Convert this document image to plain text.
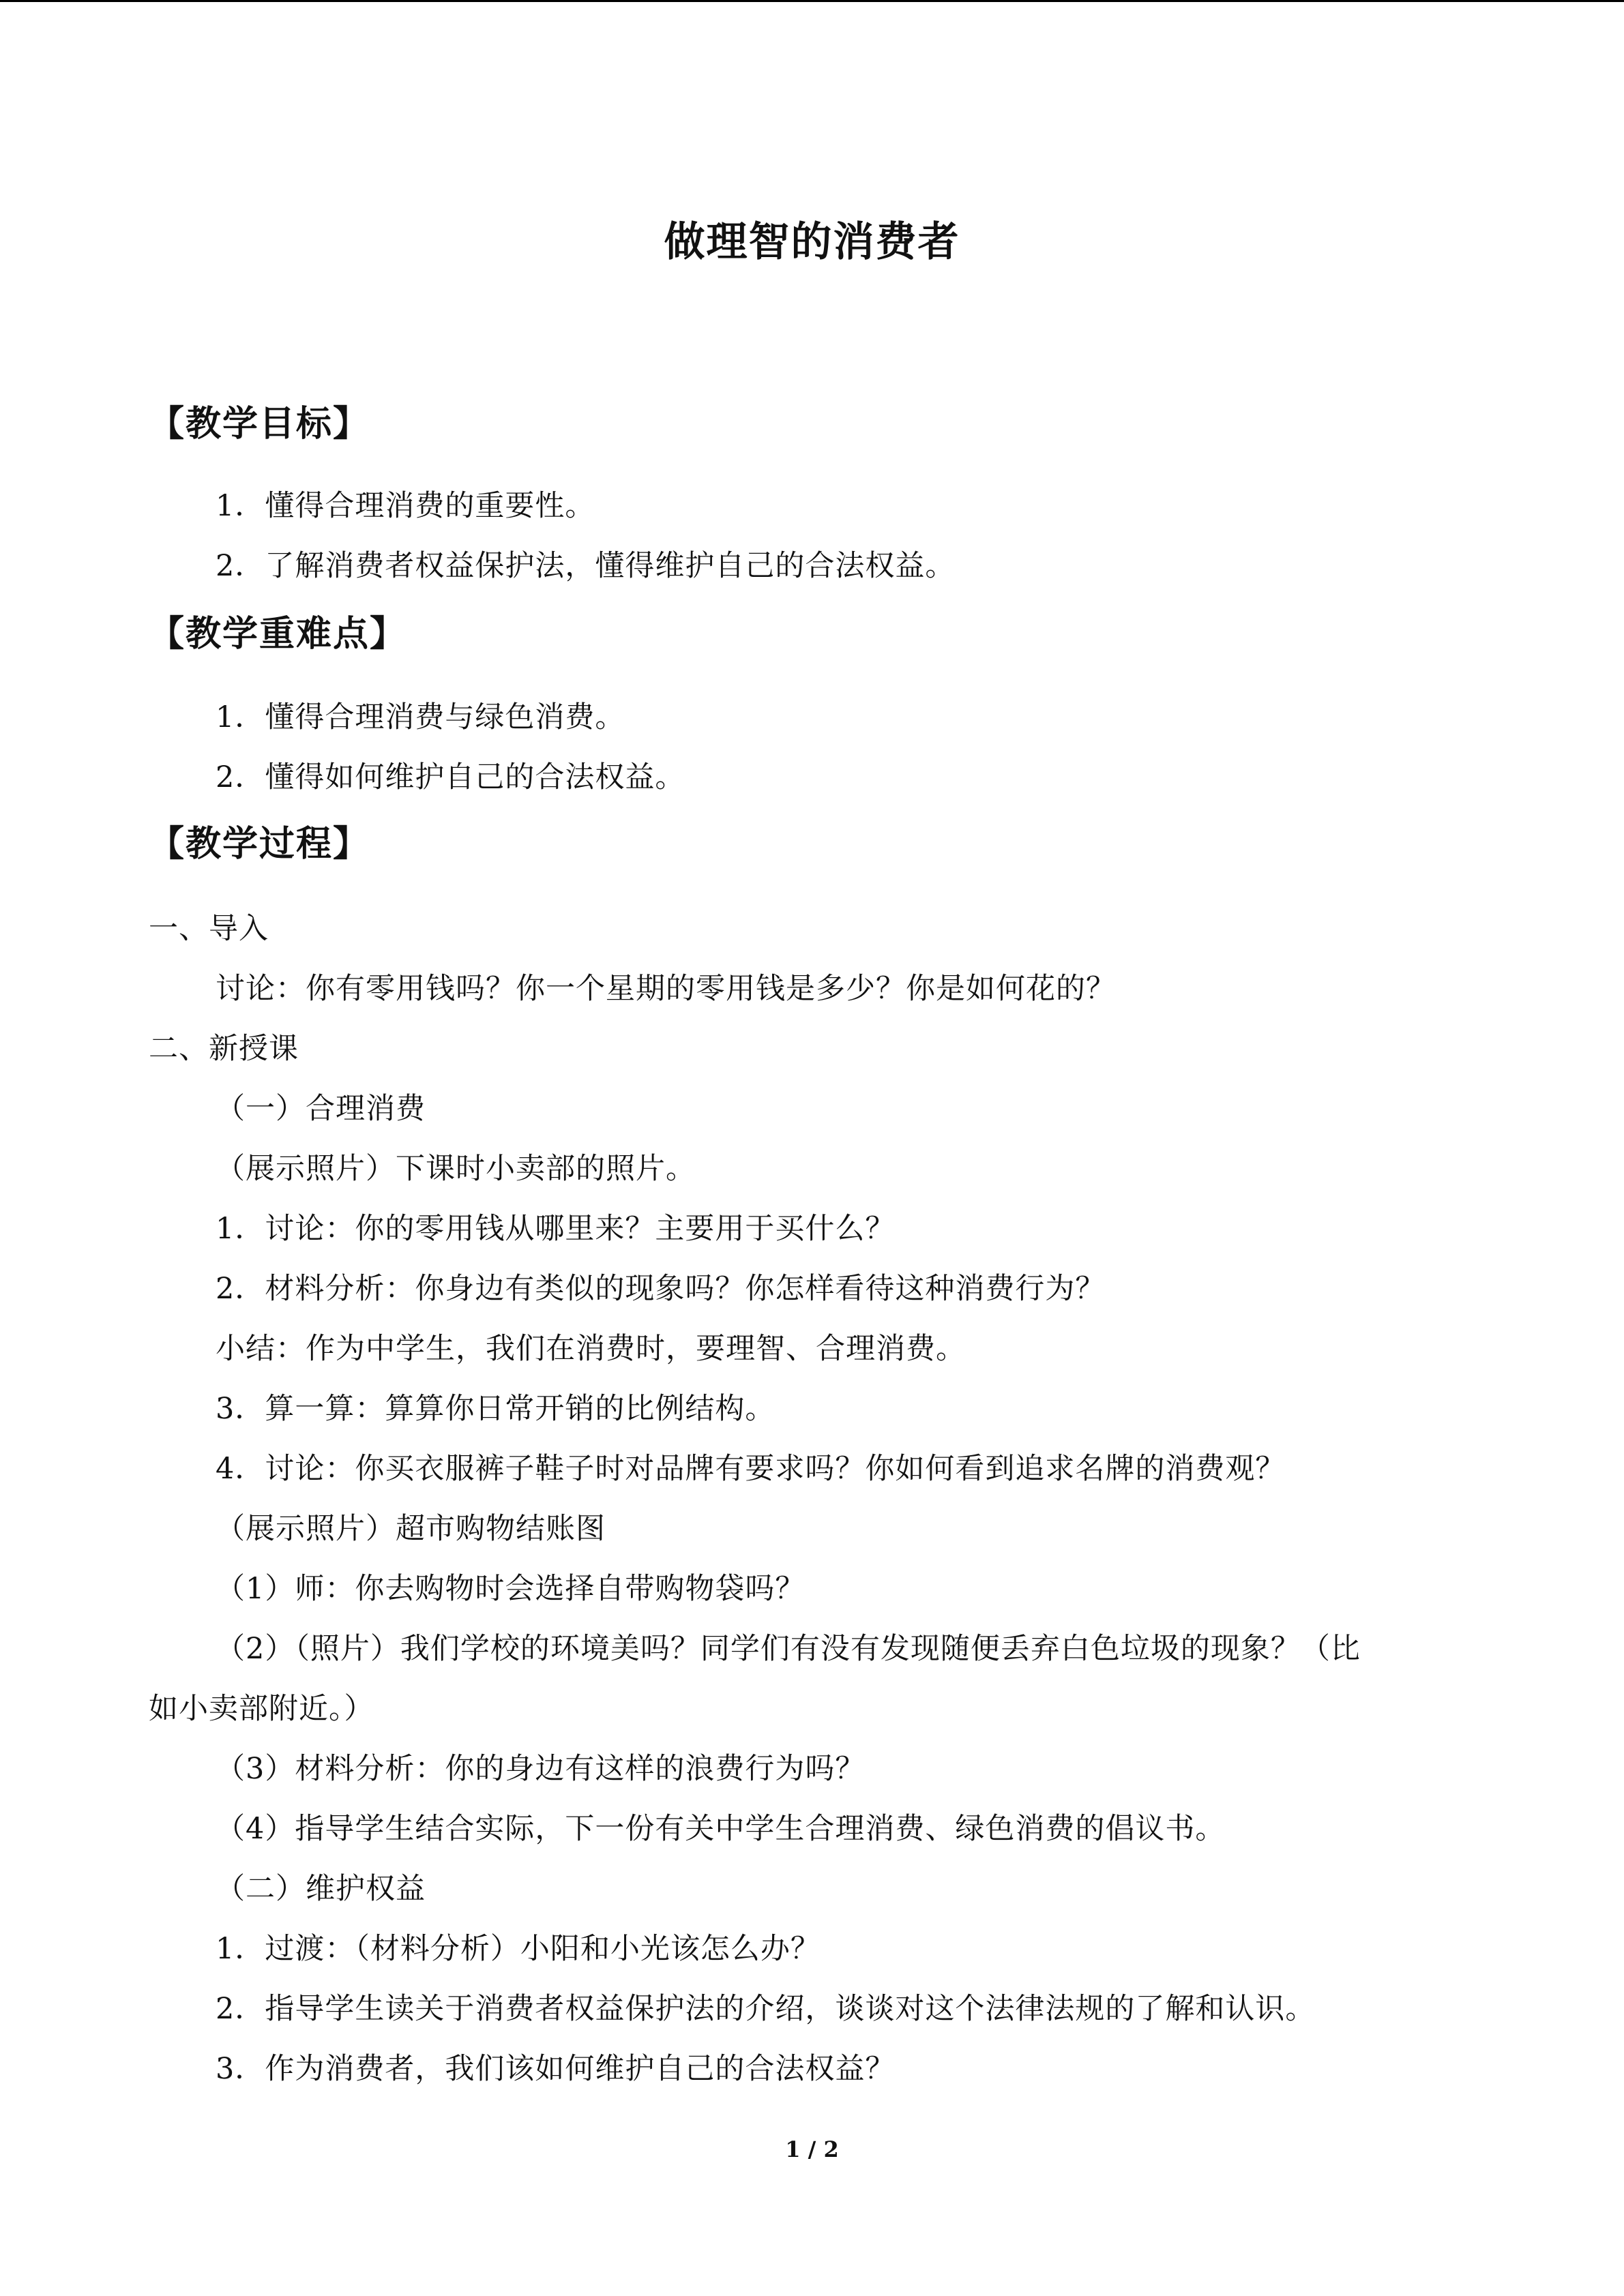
做理智的消费者
【教学目标】
1．懂得合理消费的重要性。
2．了解消费者权益保护法，懂得维护自己的合法权益。
【教学重难点】
1．懂得合理消费与绿色消费。
2．懂得如何维护自己的合法权益。
【教学过程】
一、导入
讨论：你有零用钱吗？你一个星期的零用钱是多少？你是如何花的？
二、新授课
（一）合理消费
（展示照片）下课时小卖部的照片。
1．讨论：你的零用钱从哪里来？主要用于买什么？
2．材料分析：你身边有类似的现象吗？你怎样看待这种消费行为？
小结：作为中学生，我们在消费时，要理智、合理消费。
3．算一算：算算你日常开销的比例结构。
4．讨论：你买衣服裤子鞋子时对品牌有要求吗？你如何看到追求名牌的消费观？
（展示照片）超市购物结账图
（1）师：你去购物时会选择自带购物袋吗？
（2）（照片）我们学校的环境美吗？同学们有没有发现随便丢弃白色垃圾的现象？（比
如小卖部附近。）
（3）材料分析：你的身边有这样的浪费行为吗？
（4）指导学生结合实际，下一份有关中学生合理消费、绿色消费的倡议书。
（二）维护权益
1．过渡：（材料分析）小阳和小光该怎么办？
2．指导学生读关于消费者权益保护法的介绍，谈谈对这个法律法规的了解和认识。
3．作为消费者，我们该如何维护自己的合法权益？
1 / 2
